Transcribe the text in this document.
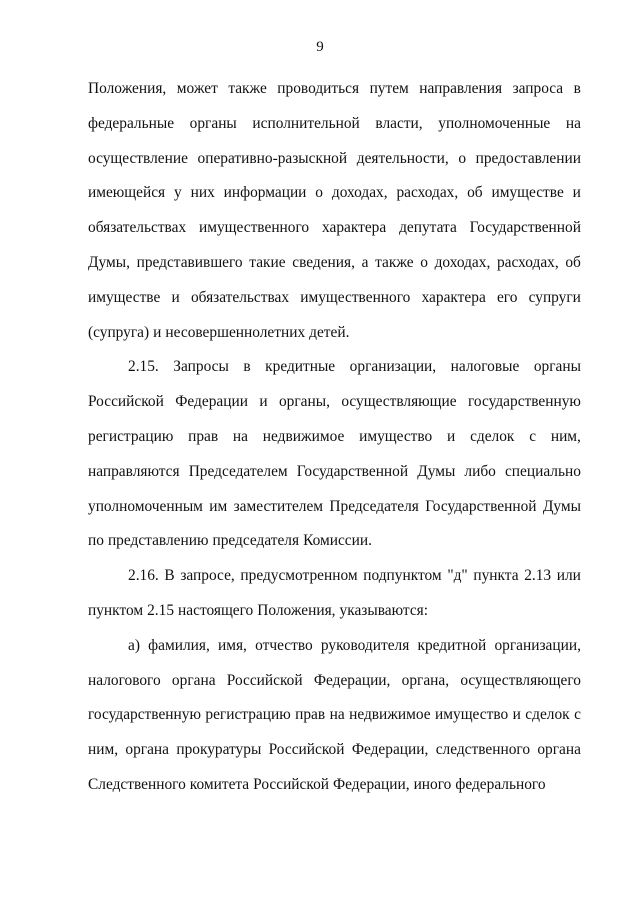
9
Положения, может также проводиться путем направления запроса в
федеральные органы исполнительной власти, уполномоченные на
осуществление оперативно-разыскной деятельности, о предоставлении
имеющейся у них информации о доходах, расходах, об имуществе и
обязательствах имущественного характера депутата Государственной
Думы, представившего такие сведения, а также о доходах, расходах, об
имуществе и обязательствах имущественного характера его супруги
(супруга) и несовершеннолетних детей.
2.15. Запросы в кредитные организации, налоговые органы
Российской Федерации и органы, осуществляющие государственную
регистрацию прав на недвижимое имущество и сделок с ним,
направляются Председателем Государственной Думы либо специально
уполномоченным им заместителем Председателя Государственной Думы
по представлению председателя Комиссии.
2.16. В запросе, предусмотренном подпунктом "д" пункта 2.13 или
пунктом 2.15 настоящего Положения, указываются:
а) фамилия, имя, отчество руководителя кредитной организации,
налогового органа Российской Федерации, органа, осуществляющего
государственную регистрацию прав на недвижимое имущество и сделок с
ним, органа прокуратуры Российской Федерации, следственного органа
Следственного комитета Российской Федерации, иного федерального
